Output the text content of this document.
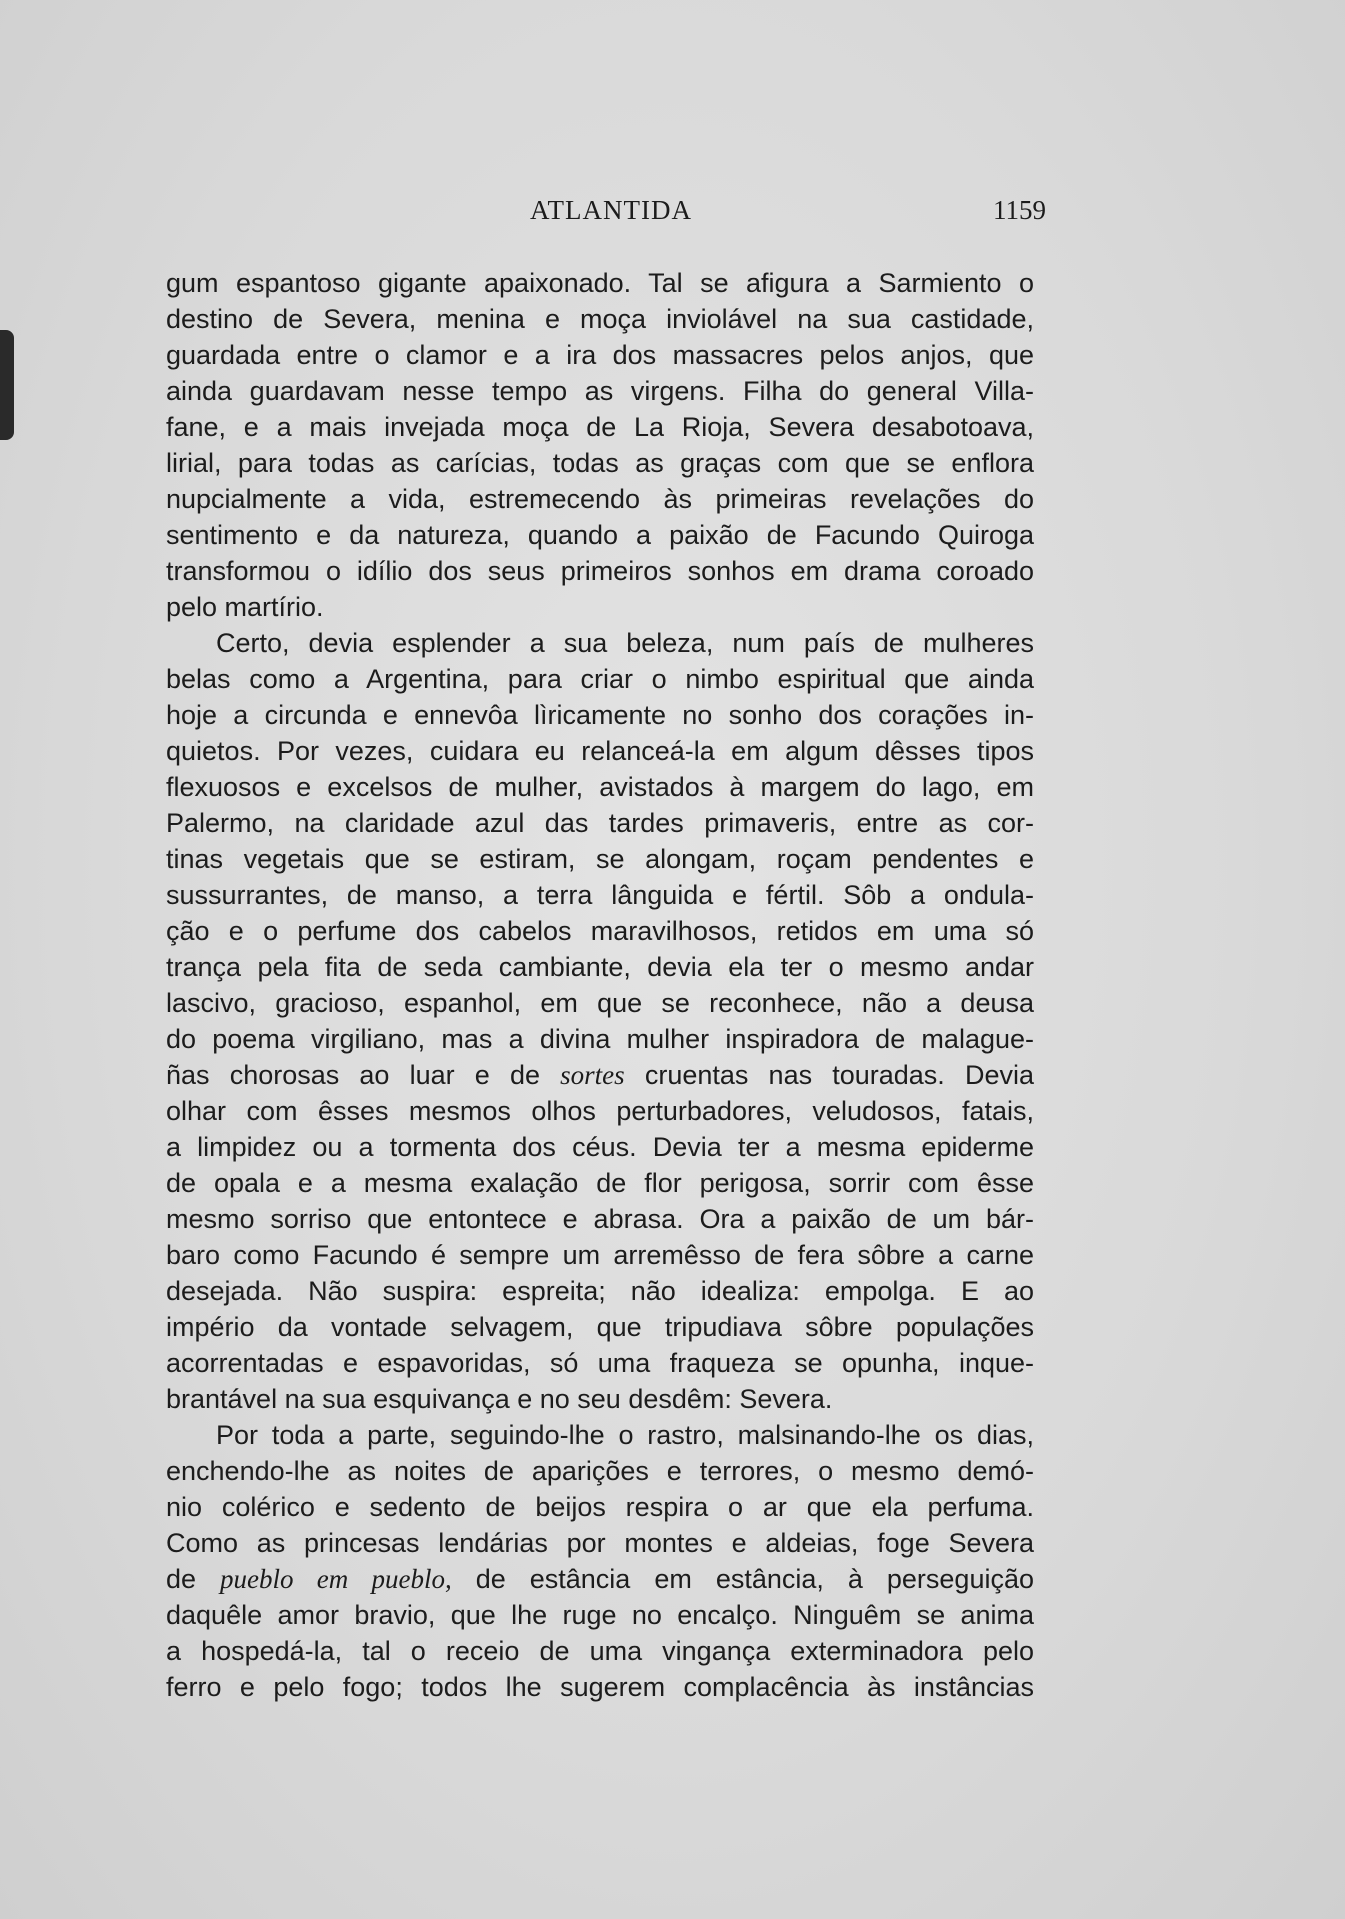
ATLANTIDA	1159
gum espantoso gigante apaixonado. Tal se afigura a Sarmiento o
destino de Severa, menina e moça inviolável na sua castidade,
guardada entre o clamor e a ira dos massacres pelos anjos, que
ainda guardavam nesse tempo as virgens. Filha do general Villa-
fane, e a mais invejada moça de La Rioja, Severa desabotoava,
lirial, para todas as carícias, todas as graças com que se enflora
nupcialmente a vida, estremecendo às primeiras revelações do
sentimento e da natureza, quando a paixão de Facundo Quiroga
transformou o idílio dos seus primeiros sonhos em drama coroado
pelo martírio.
Certo, devia esplender a sua beleza, num país de mulheres
belas como a Argentina, para criar o nimbo espiritual que ainda
hoje a circunda e ennevôa lìricamente no sonho dos corações in-
quietos. Por vezes, cuidara eu relanceá-la em algum dêsses tipos
flexuosos e excelsos de mulher, avistados à margem do lago, em
Palermo, na claridade azul das tardes primaveris, entre as cor-
tinas vegetais que se estiram, se alongam, roçam pendentes e
sussurrantes, de manso, a terra lânguida e fértil. Sôb a ondula-
ção e o perfume dos cabelos maravilhosos, retidos em uma só
trança pela fita de seda cambiante, devia ela ter o mesmo andar
lascivo, gracioso, espanhol, em que se reconhece, não a deusa
do poema virgiliano, mas a divina mulher inspiradora de malague-
ñas chorosas ao luar e de sortes cruentas nas touradas. Devia
olhar com êsses mesmos olhos perturbadores, veludosos, fatais,
a limpidez ou a tormenta dos céus. Devia ter a mesma epiderme
de opala e a mesma exalação de flor perigosa, sorrir com êsse
mesmo sorriso que entontece e abrasa. Ora a paixão de um bár-
baro como Facundo é sempre um arremêsso de fera sôbre a carne
desejada. Não suspira: espreita; não idealiza: empolga. E ao
império da vontade selvagem, que tripudiava sôbre populações
acorrentadas e espavoridas, só uma fraqueza se opunha, inque-
brantável na sua esquivança e no seu desdêm: Severa.
Por toda a parte, seguindo-lhe o rastro, malsinando-lhe os dias,
enchendo-lhe as noites de aparições e terrores, o mesmo demó-
nio colérico e sedento de beijos respira o ar que ela perfuma.
Como as princesas lendárias por montes e aldeias, foge Severa
de pueblo em pueblo, de estância em estância, à perseguição
daquêle amor bravio, que lhe ruge no encalço. Ninguêm se anima
a hospedá-la, tal o receio de uma vingança exterminadora pelo
ferro e pelo fogo; todos lhe sugerem complacência às instâncias
